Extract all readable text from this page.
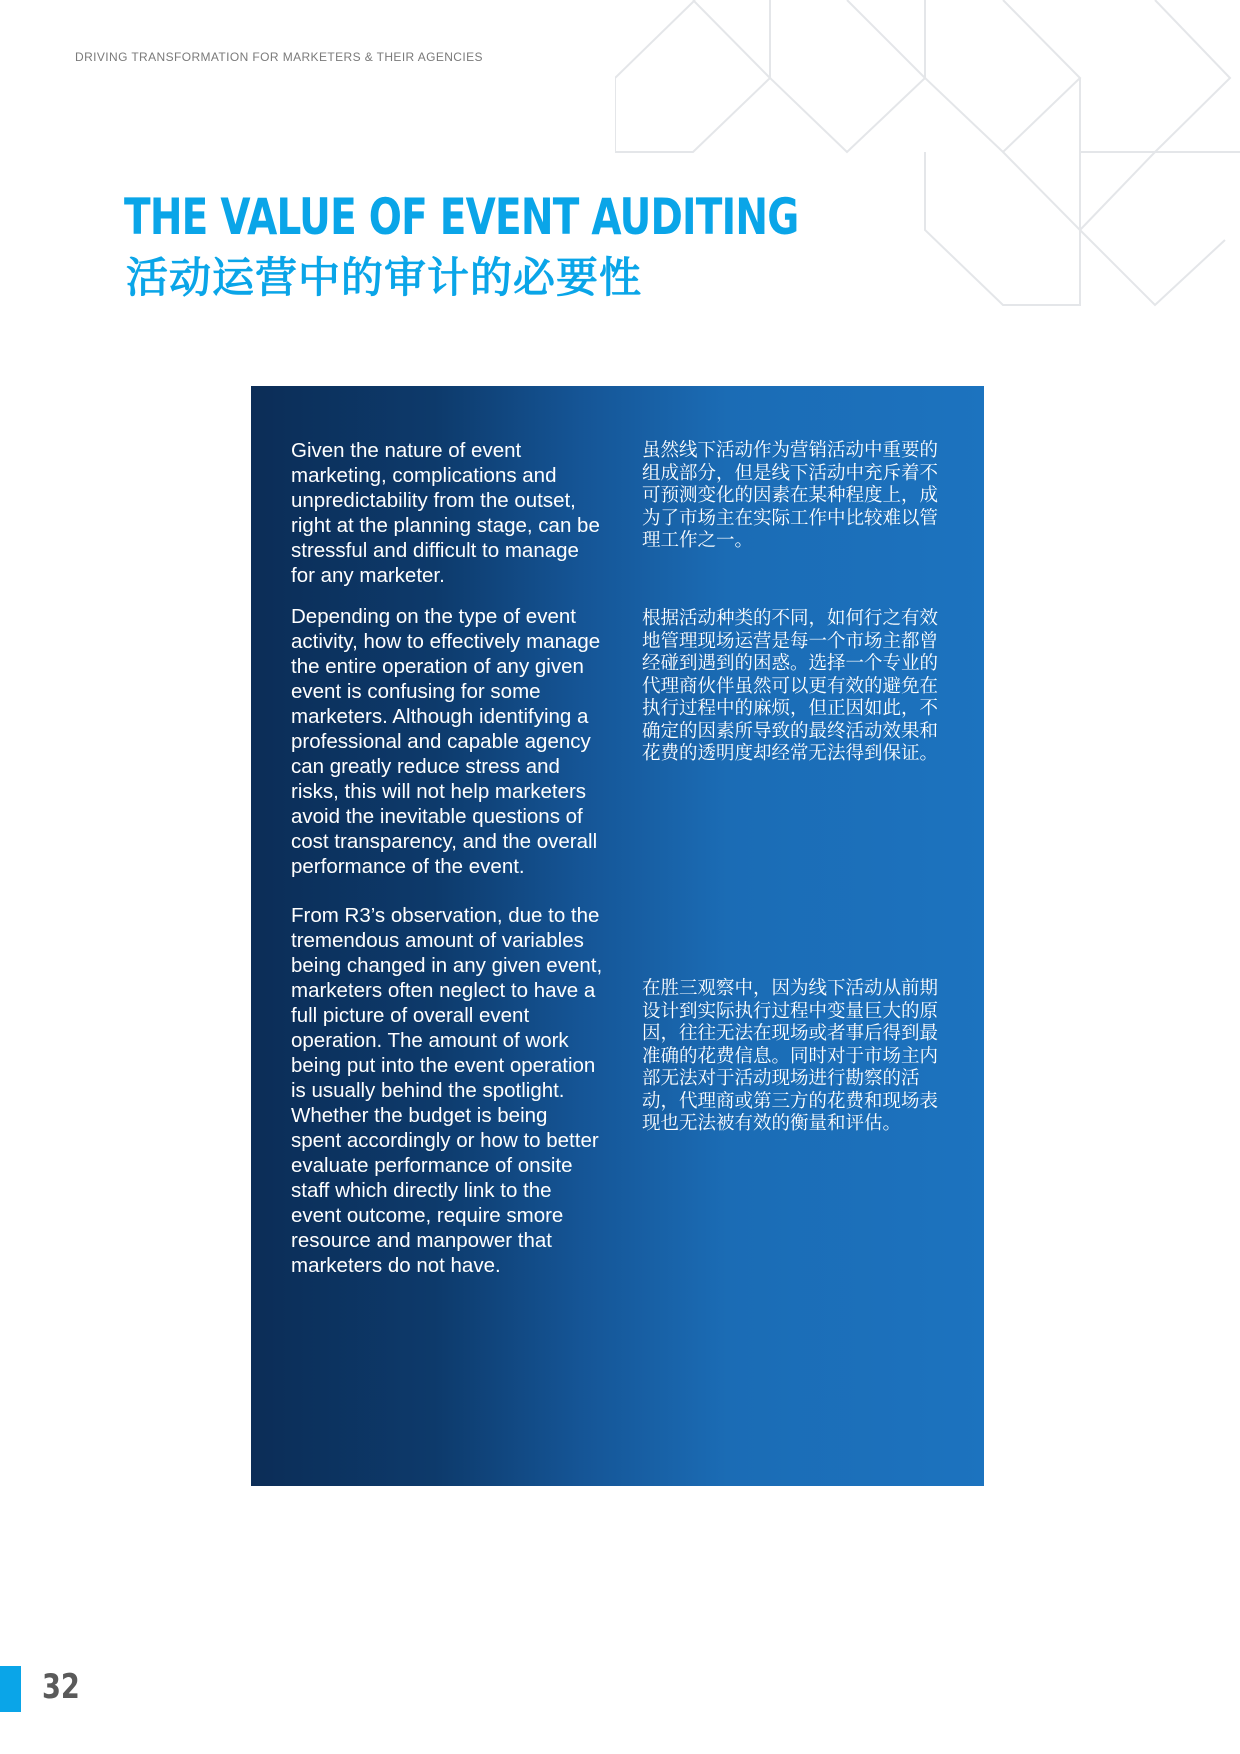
DRIVING TRANSFORMATION FOR MARKETERS & THEIR AGENCIES
THE VALUE OF EVENT AUDITING
活动运营中的审计的必要性

Given the nature of event marketing, complications and unpredictability from the outset, right at the planning stage, can be stressful and difficult to manage for any marketer.

Depending on the type of event activity, how to effectively manage the entire operation of any given event is confusing for some marketers. Although identifying a professional and capable agency can greatly reduce stress and risks, this will not help marketers avoid the inevitable questions of cost transparency, and the overall performance of the event.

From R3’s observation, due to the tremendous amount of variables being changed in any given event, marketers often neglect to have a full picture of overall event operation. The amount of work being put into the event operation is usually behind the spotlight. Whether the budget is being spent accordingly or how to better evaluate performance of onsite staff which directly link to the event outcome, require smore resource and manpower that marketers do not have.

虽然线下活动作为营销活动中重要的组成部分，但是线下活动中充斥着不可预测变化的因素在某种程度上，成为了市场主在实际工作中比较难以管理工作之一。

根据活动种类的不同，如何行之有效地管理现场运营是每一个市场主都曾经碰到遇到的困惑。选择一个专业的代理商伙伴虽然可以更有效的避免在执行过程中的麻烦，但正因如此，不确定的因素所导致的最终活动效果和花费的透明度却经常无法得到保证。

在胜三观察中，因为线下活动从前期设计到实际执行过程中变量巨大的原因，往往无法在现场或者事后得到最准确的花费信息。同时对于市场主内部无法对于活动现场进行勘察的活动，代理商或第三方的花费和现场表现也无法被有效的衡量和评估。

32
